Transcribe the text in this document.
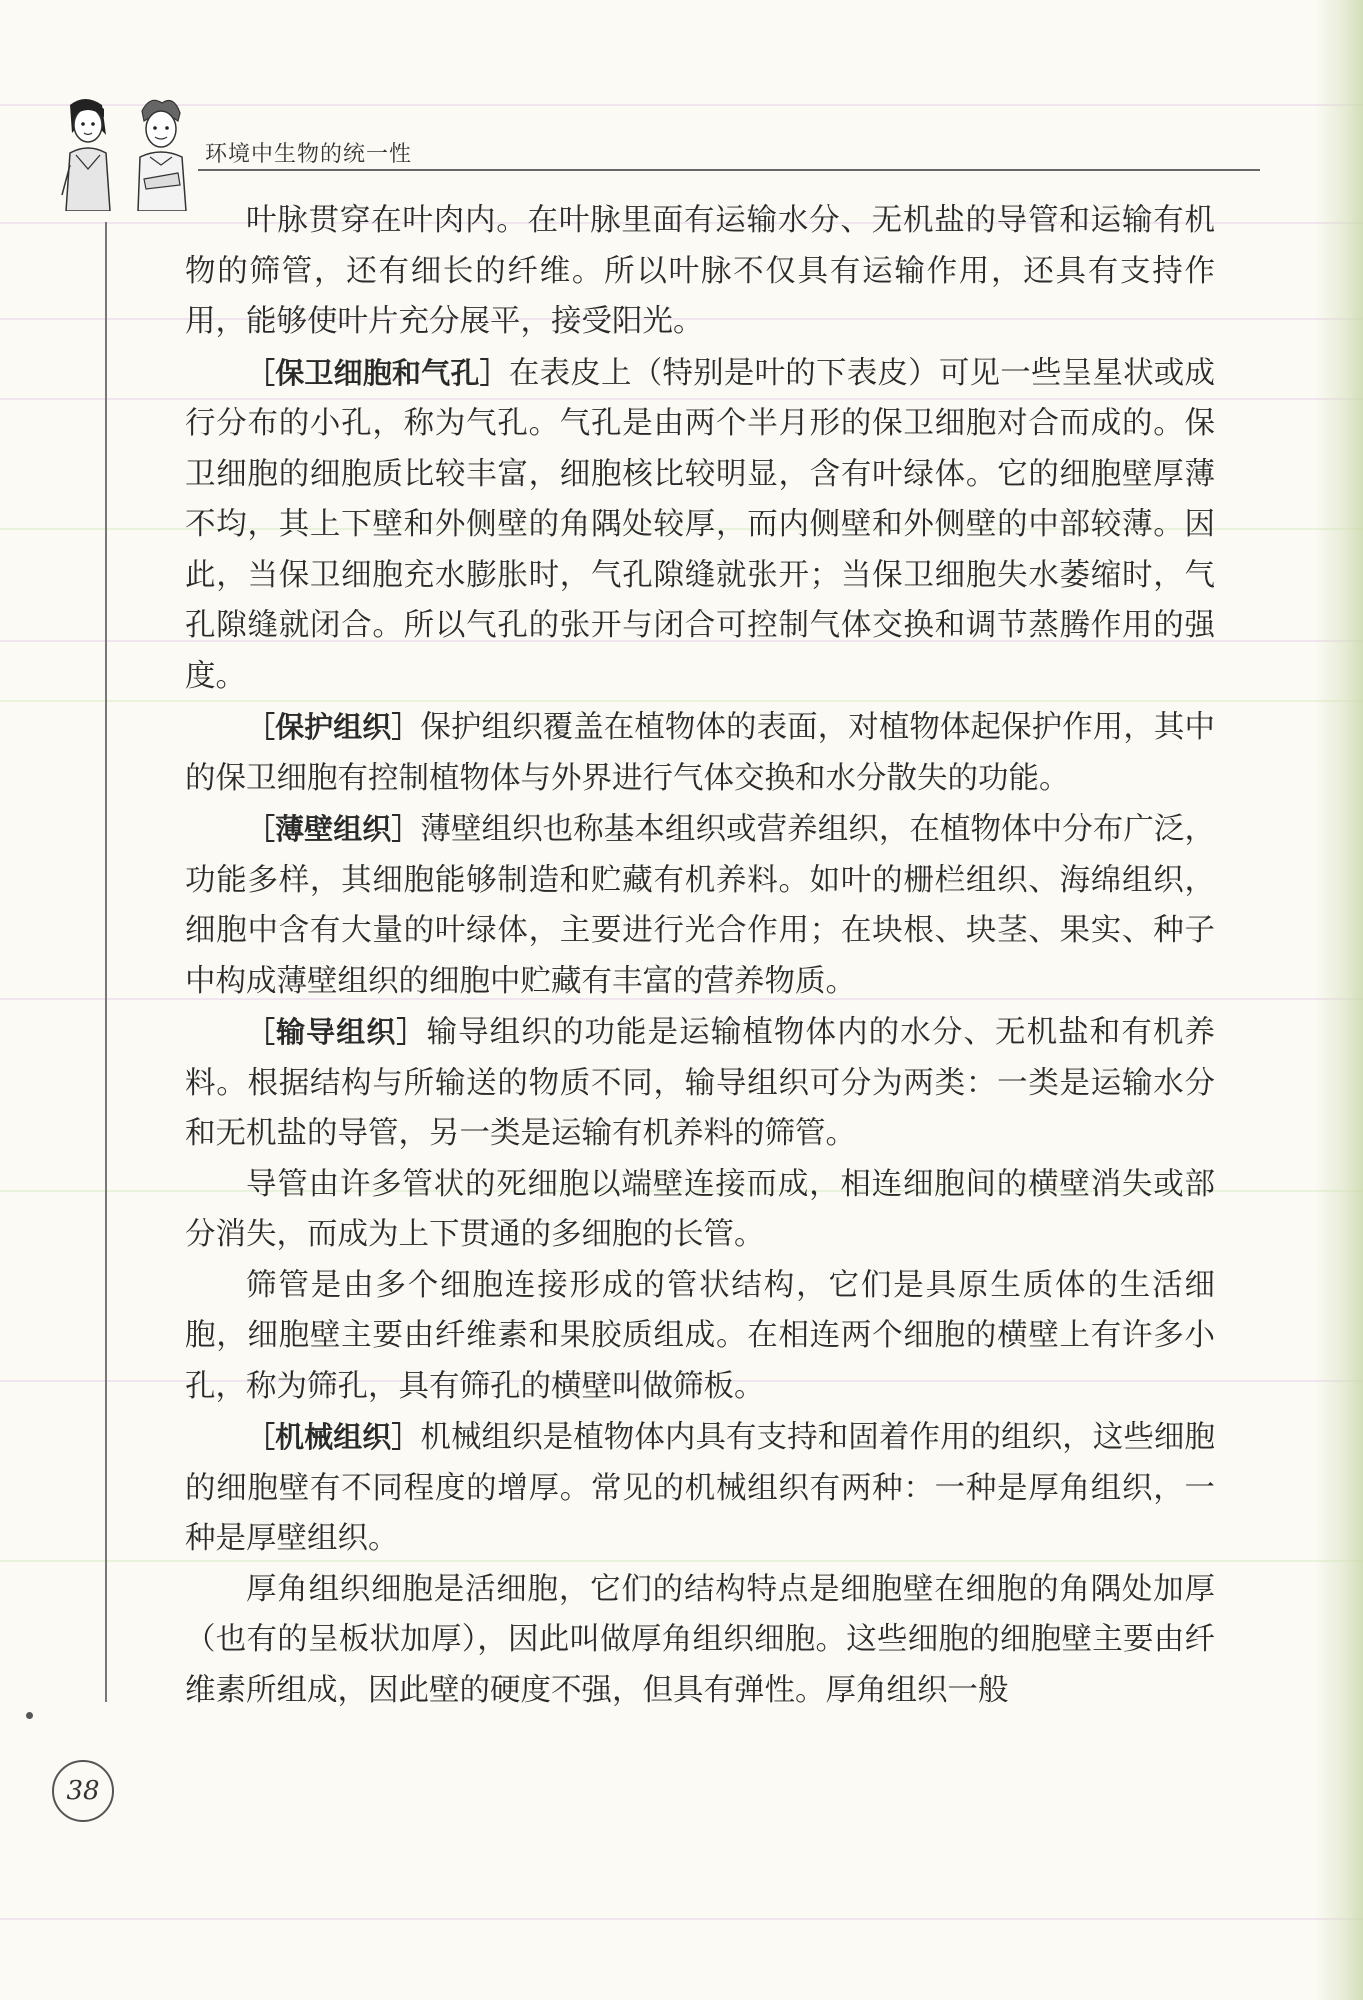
环境中生物的统一性

叶脉贯穿在叶肉内。在叶脉里面有运输水分、无机盐的导管和运输有机物的筛管，还有细长的纤维。所以叶脉不仅具有运输作用，还具有支持作用，能够使叶片充分展平，接受阳光。

［保卫细胞和气孔］在表皮上（特别是叶的下表皮）可见一些呈星状或成行分布的小孔，称为气孔。气孔是由两个半月形的保卫细胞对合而成的。保卫细胞的细胞质比较丰富，细胞核比较明显，含有叶绿体。它的细胞壁厚薄不均，其上下壁和外侧壁的角隅处较厚，而内侧壁和外侧壁的中部较薄。因此，当保卫细胞充水膨胀时，气孔隙缝就张开；当保卫细胞失水萎缩时，气孔隙缝就闭合。所以气孔的张开与闭合可控制气体交换和调节蒸腾作用的强度。

［保护组织］保护组织覆盖在植物体的表面，对植物体起保护作用，其中的保卫细胞有控制植物体与外界进行气体交换和水分散失的功能。

［薄壁组织］薄壁组织也称基本组织或营养组织，在植物体中分布广泛，功能多样，其细胞能够制造和贮藏有机养料。如叶的栅栏组织、海绵组织，细胞中含有大量的叶绿体，主要进行光合作用；在块根、块茎、果实、种子中构成薄壁组织的细胞中贮藏有丰富的营养物质。

［输导组织］输导组织的功能是运输植物体内的水分、无机盐和有机养料。根据结构与所输送的物质不同，输导组织可分为两类：一类是运输水分和无机盐的导管，另一类是运输有机养料的筛管。

导管由许多管状的死细胞以端壁连接而成，相连细胞间的横壁消失或部分消失，而成为上下贯通的多细胞的长管。

筛管是由多个细胞连接形成的管状结构，它们是具原生质体的生活细胞，细胞壁主要由纤维素和果胶质组成。在相连两个细胞的横壁上有许多小孔，称为筛孔，具有筛孔的横壁叫做筛板。

［机械组织］机械组织是植物体内具有支持和固着作用的组织，这些细胞的细胞壁有不同程度的增厚。常见的机械组织有两种：一种是厚角组织，一种是厚壁组织。

厚角组织细胞是活细胞，它们的结构特点是细胞壁在细胞的角隅处加厚（也有的呈板状加厚），因此叫做厚角组织细胞。这些细胞的细胞壁主要由纤维素所组成，因此壁的硬度不强，但具有弹性。厚角组织一般

38
